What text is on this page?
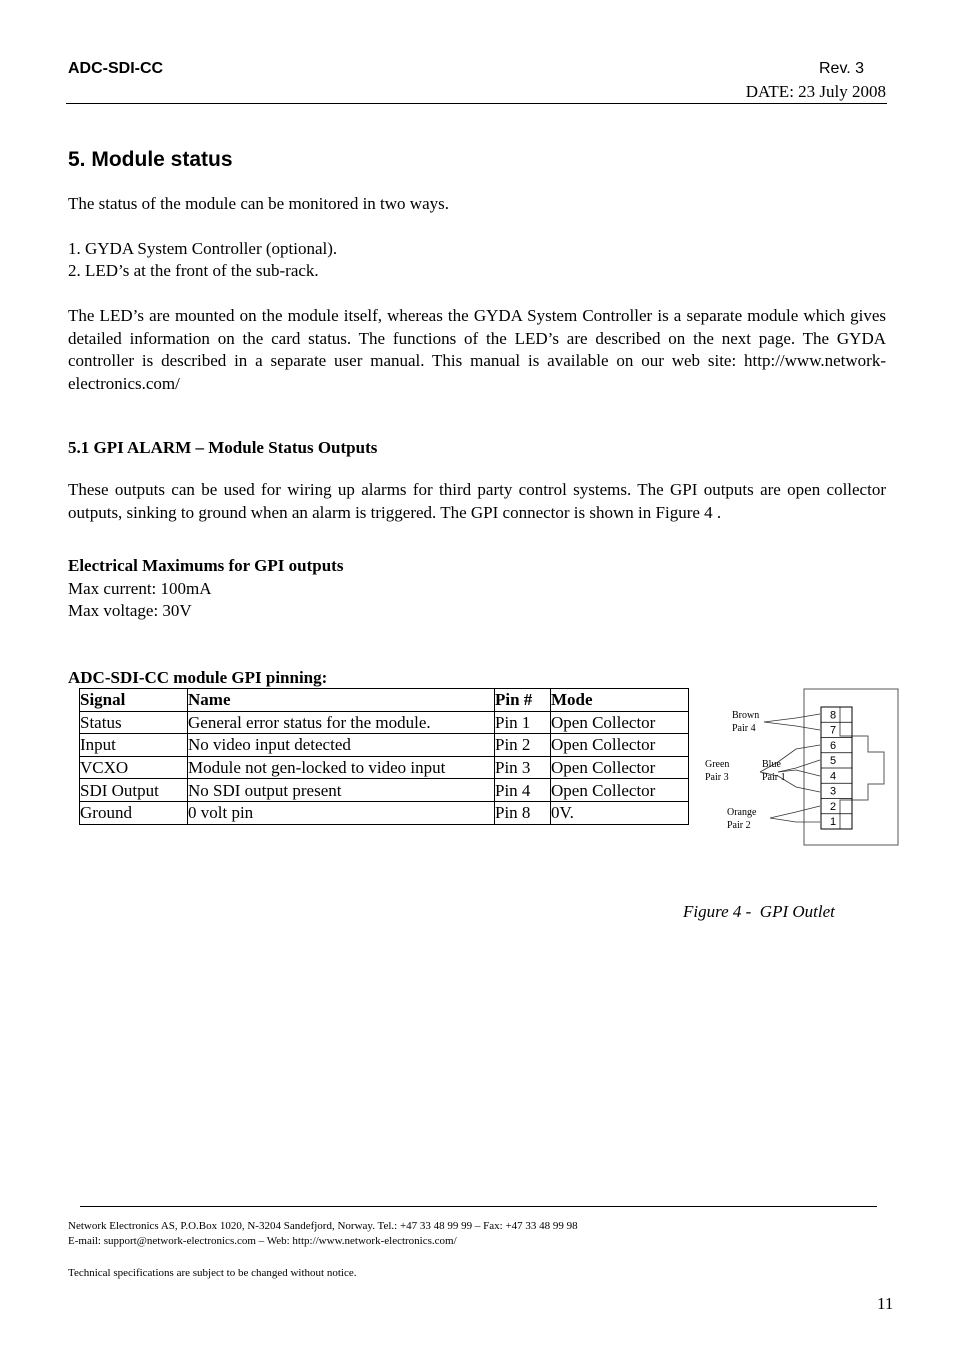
ADC-SDI-CC	Rev. 3
DATE: 23 July 2008
5. Module status
The status of the module can be monitored in two ways.
1. GYDA System Controller (optional).
2. LED’s at the front of the sub-rack.
The LED’s are mounted on the module itself, whereas the GYDA System Controller is a separate module which gives detailed information on the card status. The functions of the LED’s are described on the next page. The GYDA controller is described in a separate user manual. This manual is available on our web site: http://www.network-electronics.com/
5.1 GPI ALARM – Module Status Outputs
These outputs can be used for wiring up alarms for third party control systems. The GPI outputs are open collector outputs, sinking to ground when an alarm is triggered. The GPI connector is shown in Figure 4 .
Electrical Maximums for GPI outputs
Max current: 100mA
Max voltage: 30V
ADC-SDI-CC module GPI pinning:
Signal	Name	Pin #	Mode
Status	General error status for the module.	Pin 1	Open Collector
Input	No video input detected	Pin 2	Open Collector
VCXO	Module not gen-locked to video input	Pin 3	Open Collector
SDI Output	No SDI output present	Pin 4	Open Collector
Ground	0 volt pin	Pin 8	0V.
8
7
6
5
4
3
2
1
Brown
Pair 4
Green
Pair 3
Blue
Pair 1
Orange
Pair 2
Figure 4 -  GPI Outlet
Network Electronics AS, P.O.Box 1020, N-3204 Sandefjord, Norway. Tel.: +47 33 48 99 99 – Fax: +47 33 48 99 98
E-mail: support@network-electronics.com – Web: http://www.network-electronics.com/
Technical specifications are subject to be changed without notice.
11
